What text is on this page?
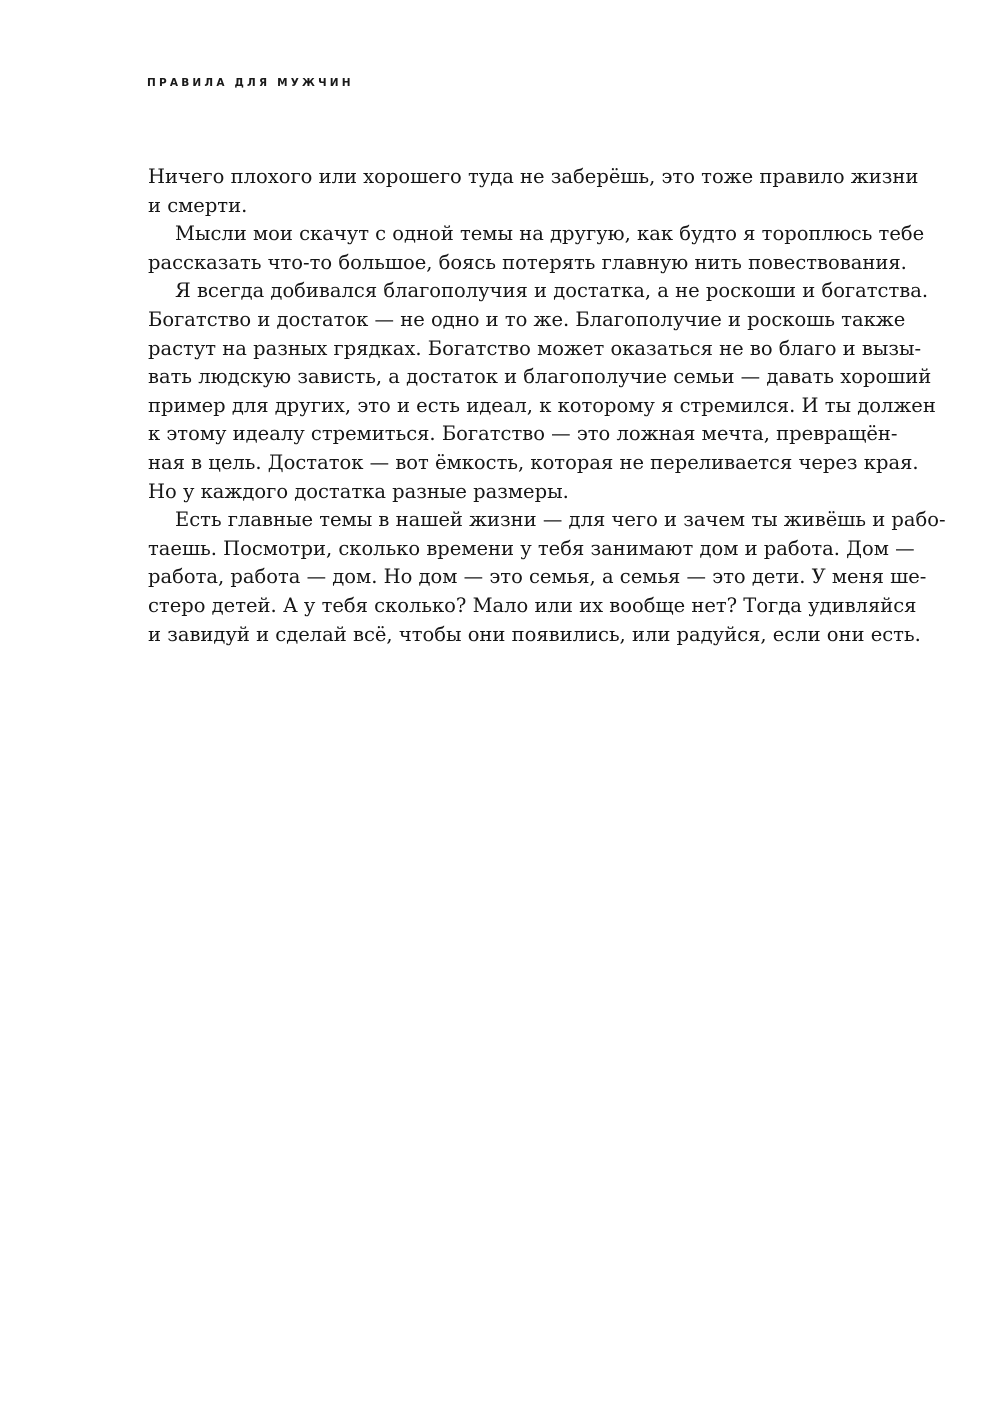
ПРАВИЛА ДЛЯ МУЖЧИН
Ничего плохого или хорошего туда не заберёшь, это тоже правило жизни
и смерти.
Мысли мои скачут с одной темы на другую, как будто я тороплюсь тебе
рассказать что-то большое, боясь потерять главную нить повествования.
Я всегда добивался благополучия и достатка, а не роскоши и богатства.
Богатство и достаток — не одно и то же. Благополучие и роскошь также
растут на разных грядках. Богатство может оказаться не во благо и вызы-
вать людскую зависть, а достаток и благополучие семьи — давать хороший
пример для других, это и есть идеал, к которому я стремился. И ты должен
к этому идеалу стремиться. Богатство — это ложная мечта, превращён-
ная в цель. Достаток — вот ёмкость, которая не переливается через края.
Но у каждого достатка разные размеры.
Есть главные темы в нашей жизни — для чего и зачем ты живёшь и рабо-
таешь. Посмотри, сколько времени у тебя занимают дом и работа. Дом —
работа, работа — дом. Но дом — это семья, а семья — это дети. У меня ше-
стеро детей. А у тебя сколько? Мало или их вообще нет? Тогда удивляйся
и завидуй и сделай всё, чтобы они появились, или радуйся, если они есть.
